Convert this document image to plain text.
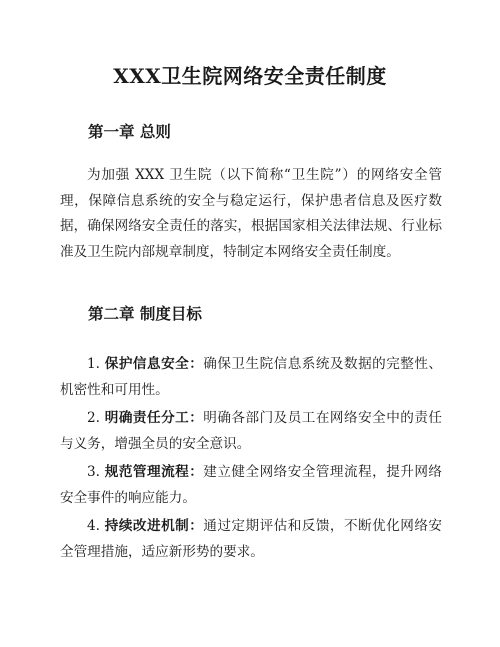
XXX卫生院网络安全责任制度
第一章 总则

为加强 XXX 卫生院（以下简称“卫生院”）的网络安全管理，保障信息系统的安全与稳定运行，保护患者信息及医疗数据，确保网络安全责任的落实，根据国家相关法律法规、行业标准及卫生院内部规章制度，特制定本网络安全责任制度。

第二章 制度目标
1. 保护信息安全：确保卫生院信息系统及数据的完整性、机密性和可用性。
2. 明确责任分工：明确各部门及员工在网络安全中的责任与义务，增强全员的安全意识。
3. 规范管理流程：建立健全网络安全管理流程，提升网络安全事件的响应能力。
4. 持续改进机制：通过定期评估和反馈，不断优化网络安全管理措施，适应新形势的要求。
